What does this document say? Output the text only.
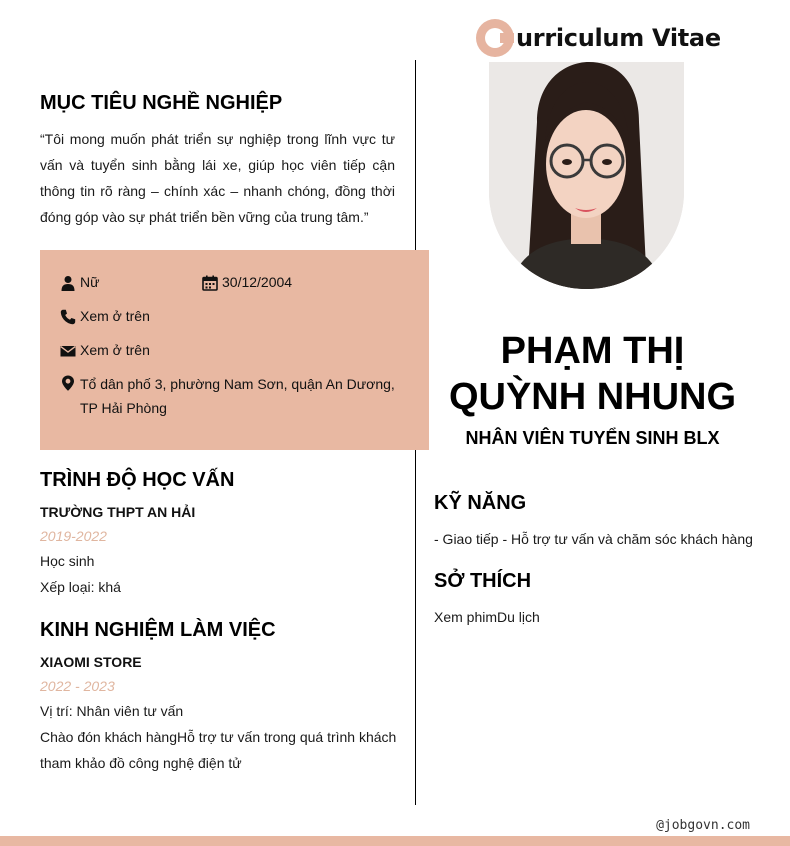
urriculum Vitae
MỤC TIÊU NGHỀ NGHIỆP
“Tôi mong muốn phát triển sự nghiệp trong lĩnh vực tư vấn và tuyển sinh bằng lái xe, giúp học viên tiếp cận thông tin rõ ràng – chính xác – nhanh chóng, đồng thời đóng góp vào sự phát triển bền vững của trung tâm.”
Nữ	30/12/2004
Xem ở trên
Xem ở trên
Tổ dân phố 3, phường Nam Sơn, quận An Dương, TP Hải Phòng
TRÌNH ĐỘ HỌC VẤN
TRƯỜNG THPT AN HẢI
2019-2022
Học sinh
Xếp loại: khá
KINH NGHIỆM LÀM VIỆC
XIAOMI STORE
2022 - 2023
Vị trí: Nhân viên tư vấn
Chào đón khách hàngHỗ trợ tư vấn trong quá trình khách tham khảo đồ công nghệ điện tử
PHẠM THỊ
QUỲNH NHUNG
NHÂN VIÊN TUYỂN SINH BLX
KỸ NĂNG
- Giao tiếp - Hỗ trợ tư vấn và chăm sóc khách hàng
SỞ THÍCH
Xem phimDu lịch
@jobgovn.com
